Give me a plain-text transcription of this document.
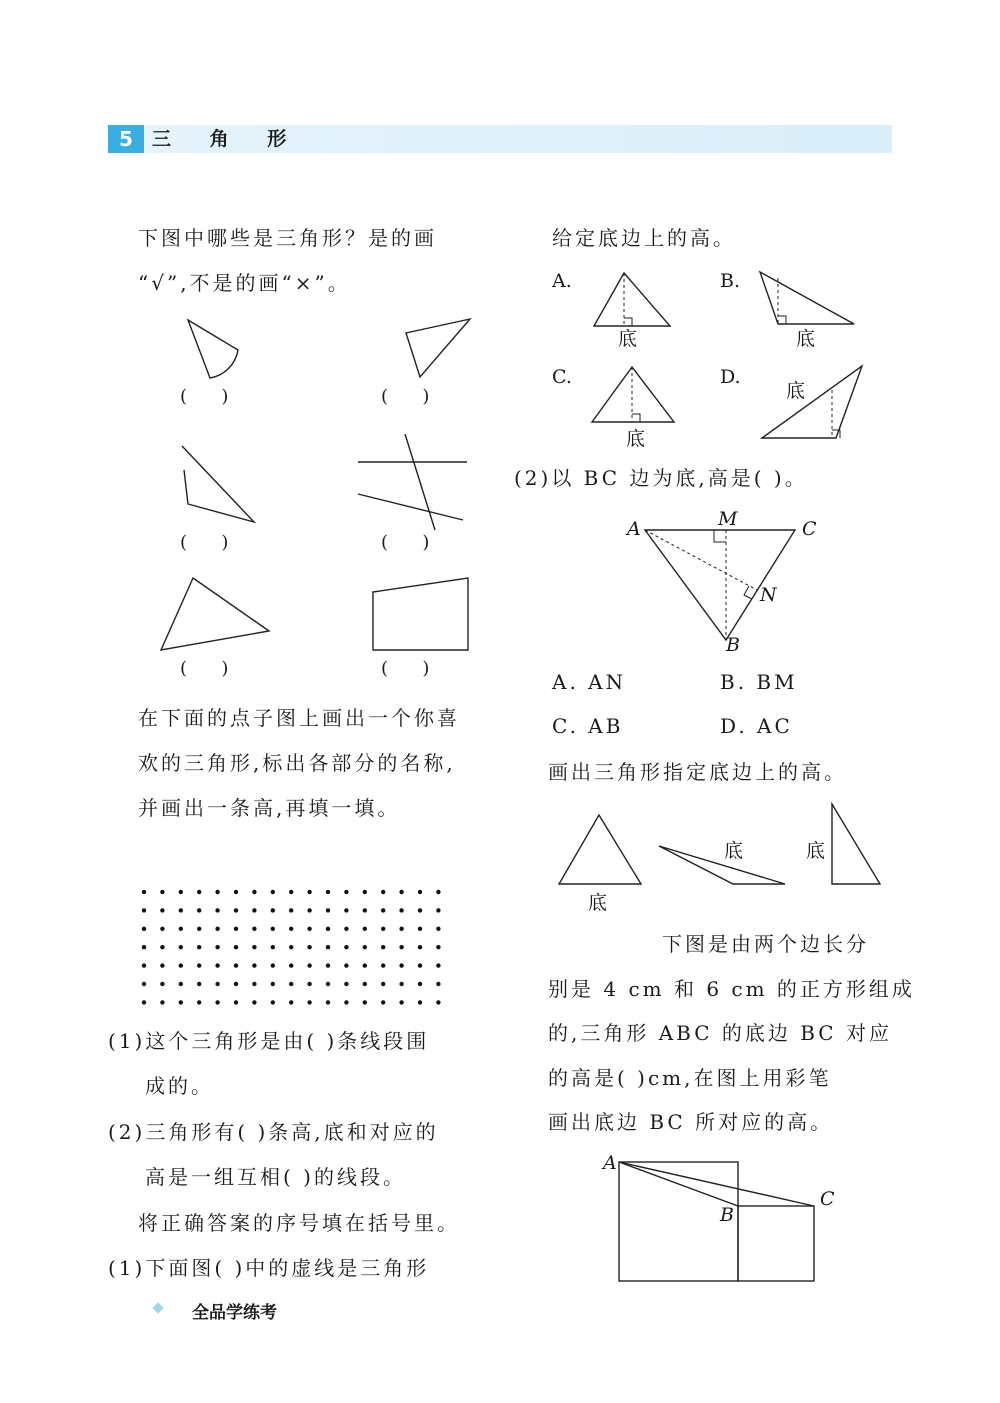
5	三 角 形
下图中哪些是三角形？是的画
“√”,不是的画“×”。
(      )	(      )
(      )	(      )
(      )	(      )
在下面的点子图上画出一个你喜
欢的三角形,标出各部分的名称,
并画出一条高,再填一填。
(1)这个三角形是由( )条线段围
成的。
(2)三角形有( )条高,底和对应的
高是一组互相( )的线段。
将正确答案的序号填在括号里。
(1)下面图( )中的虚线是三角形
给定底边上的高。
A.
底
B.
底
C.
底
D.
底
(2)以 BC 边为底,高是( )。
A	M	C
N
B
A. AN	B. BM
C. AB	D. AC
画出三角形指定底边上的高。
底
底	底
下图是由两个边长分
别是 4 cm 和 6 cm 的正方形组成
的,三角形 ABC 的底边 BC 对应
的高是( )cm,在图上用彩笔
画出底边 BC 所对应的高。
A
B
C
全品学练考
